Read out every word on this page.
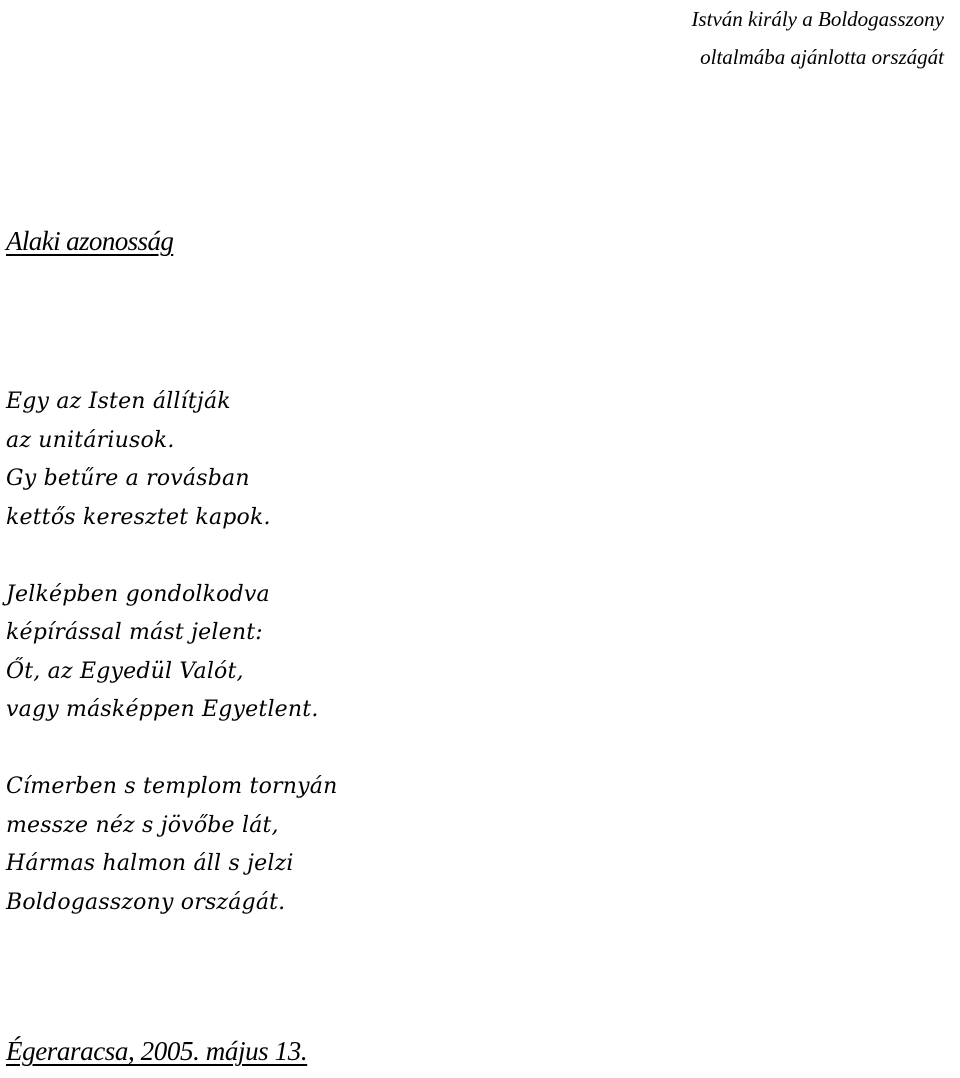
István király a Boldogasszony
oltalmába ajánlotta országát
Alaki azonosság
Egy az Isten állítják
az unitáriusok.
Gy betűre a rovásban
kettős keresztet kapok.
Jelképben gondolkodva
képírással mást jelent:
Őt, az Egyedül Valót,
vagy másképpen Egyetlent.
Címerben s templom tornyán
messze néz s jövőbe lát,
Hármas halmon áll s jelzi
Boldogasszony országát.
Égeraracsa, 2005. május 13.
